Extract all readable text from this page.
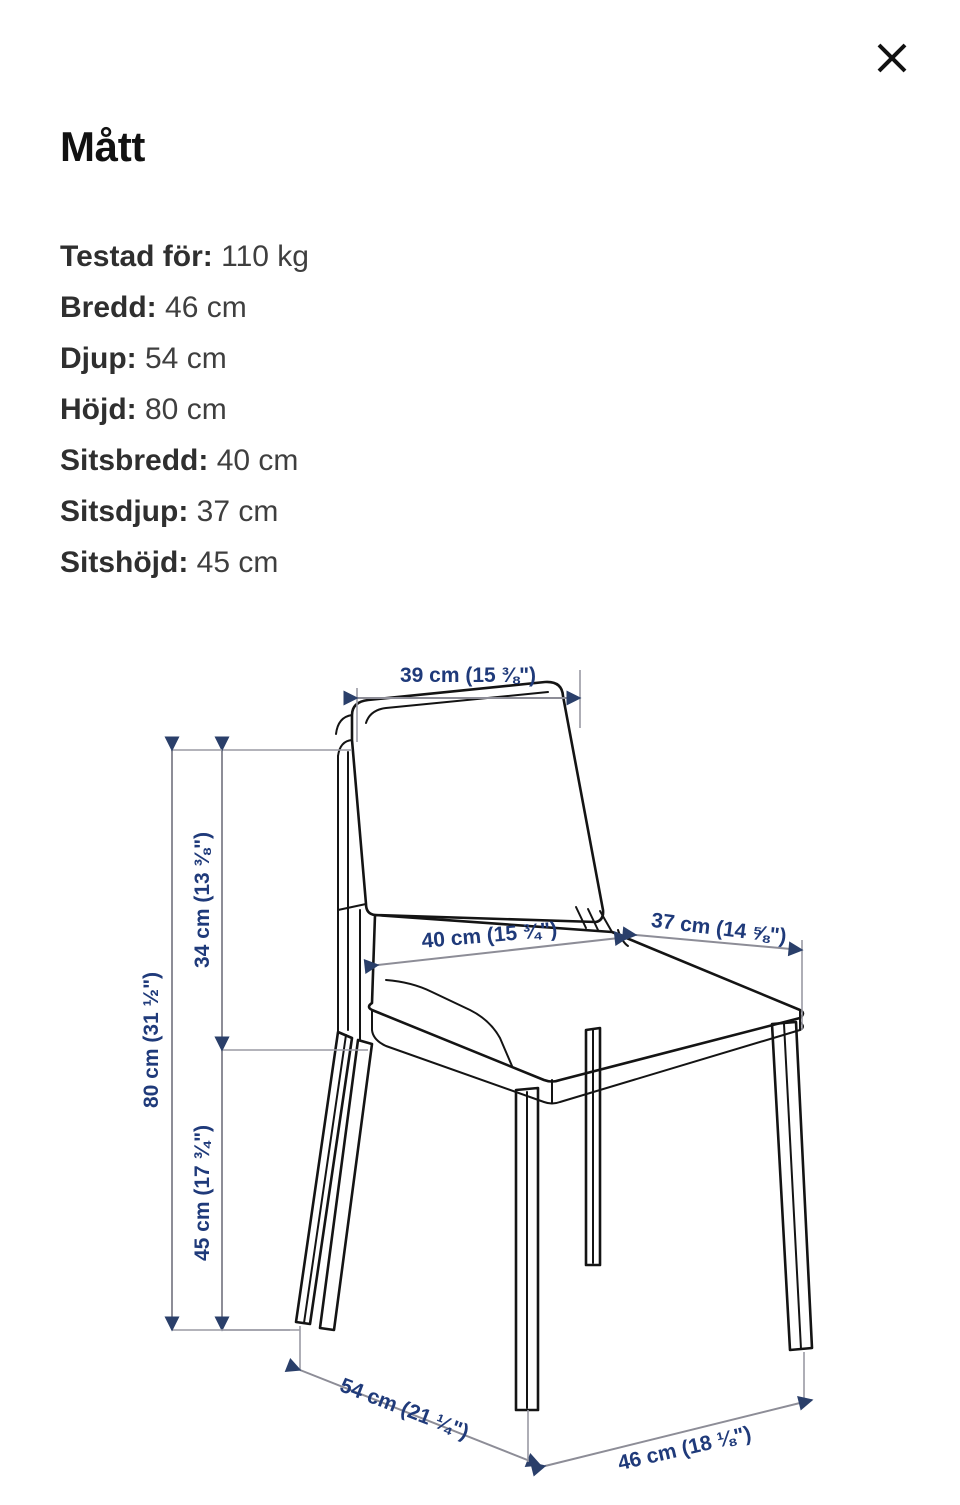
Mått
Testad för: 110 kg
Bredd: 46 cm
Djup: 54 cm
Höjd: 80 cm
Sitsbredd: 40 cm
Sitsdjup: 37 cm
Sitshöjd: 45 cm
39 cm (15 ⅜")
34 cm (13 ⅜")
80 cm (31 ½")
45 cm (17 ¾")
40 cm (15 ¾")	37 cm (14 ⅝")
54 cm (21 ¼")
46 cm (18 ⅛")
